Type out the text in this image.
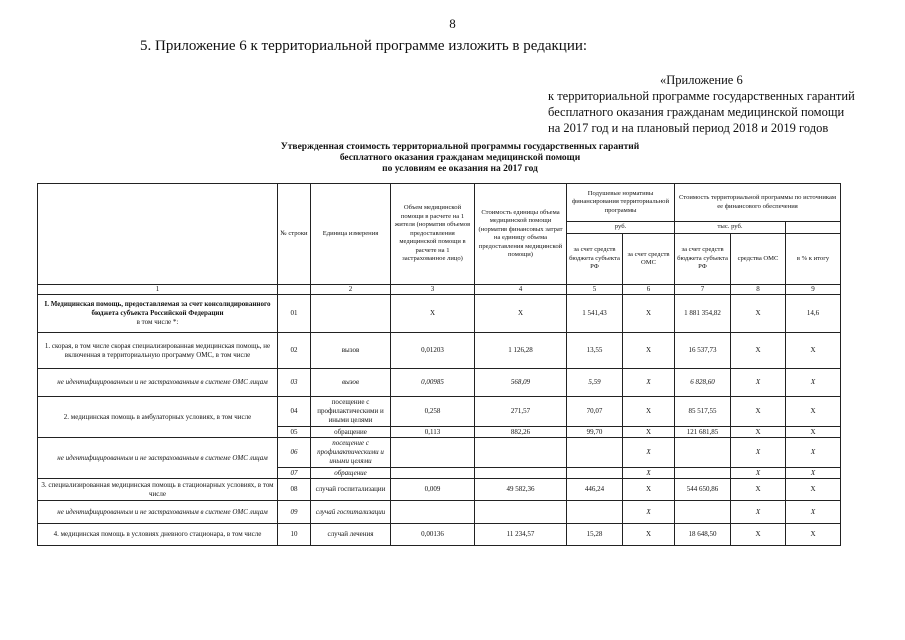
8
5. Приложение 6 к территориальной программе изложить в редакции:
«Приложение 6
к территориальной программе государственных гарантий
бесплатного оказания гражданам медицинской помощи
на 2017 год и на плановый период 2018 и 2019 годов
Утвержденная стоимость территориальной программы государственных гарантий
бесплатного оказания гражданам медицинской помощи
по условиям ее оказания на 2017 год
	№ строки	Единица измерения	Объем медицинской помощи в расчете на 1 жителя (норматив объемов предоставления медицинской помощи в расчете на 1 застрахованное лицо)	Стоимость единицы объема медицинской помощи (норматив финансовых затрат на единицу объема предоставления медицинской помощи)	Подушевые нормативы финансирования территориальной программы		Стоимость территориальной программы по источникам ее финансового обеспечения		
					руб.		тыс. руб.		
					за счет средств бюджета субъекта РФ	за счет средств ОМС	за счет средств бюджета субъекта РФ	средства ОМС	в % к итогу
1		2	3	4	5	6	7	8	9
I. Медицинская помощь, предоставляемая за счет консолидированного бюджета субъекта Российской Федерации
в том числе *:	01		X	X	1 541,43	X	1 881 354,82	X	14,6
1. скорая, в том числе скорая специализированная медицинская помощь, не включенная в территориальную программу ОМС, в том числе	02	вызов	0,01203	1 126,28	13,55	X	16 537,73	X	X
не идентифицированным и не застрахованным в системе ОМС лицам	03	вызов	0,00985	568,09	5,59	X	6 828,60	X	X
2. медицинская помощь в амбулаторных условиях, в том числе	04	посещение с профилактическими и иными целями	0,258	271,57	70,07	X	85 517,55	X	X
	05	обращение	0,113	882,26	99,70	X	121 681,85	X	X
не идентифицированным и не застрахованным в системе ОМС лицам	06	посещение с профилактическими и иными целями				X		X	X
	07	обращение				X		X	X
3. специализированная медицинская помощь в стационарных условиях, в том числе	08	случай госпитализации	0,009	49 582,36	446,24	X	544 650,86	X	X
не идентифицированным и не застрахованным в системе ОМС лицам	09	случай госпитализации				X		X	X
4. медицинская помощь в условиях дневного стационара, в том числе	10	случай лечения	0,00136	11 234,57	15,28	X	18 648,50	X	X
